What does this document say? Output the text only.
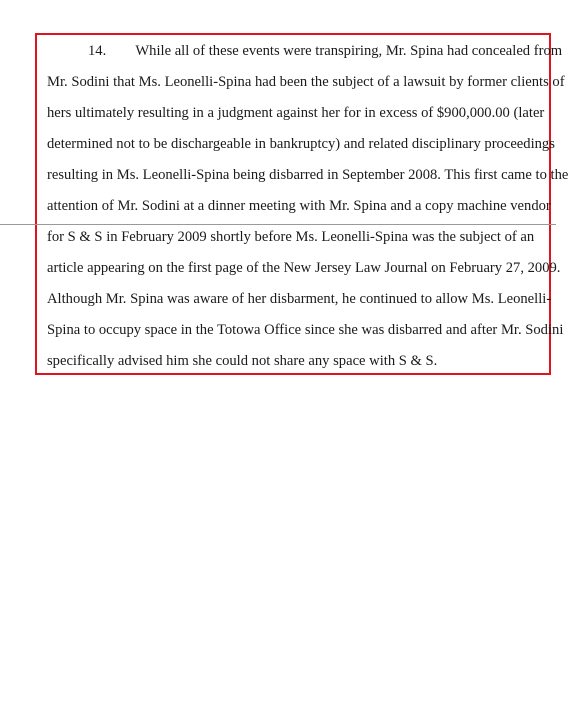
14. While all of these events were transpiring, Mr. Spina had concealed from
Mr. Sodini that Ms. Leonelli-Spina had been the subject of a lawsuit by former clients of
hers ultimately resulting in a judgment against her for in excess of $900,000.00 (later
determined not to be dischargeable in bankruptcy) and related disciplinary proceedings
resulting in Ms. Leonelli-Spina being disbarred in September 2008. This first came to the
attention of Mr. Sodini at a dinner meeting with Mr. Spina and a copy machine vendor
for S & S in February 2009 shortly before Ms. Leonelli-Spina was the subject of an
article appearing on the first page of the New Jersey Law Journal on February 27, 2009.
Although Mr. Spina was aware of her disbarment, he continued to allow Ms. Leonelli-
Spina to occupy space in the Totowa Office since she was disbarred and after Mr. Sodini
specifically advised him she could not share any space with S & S.
